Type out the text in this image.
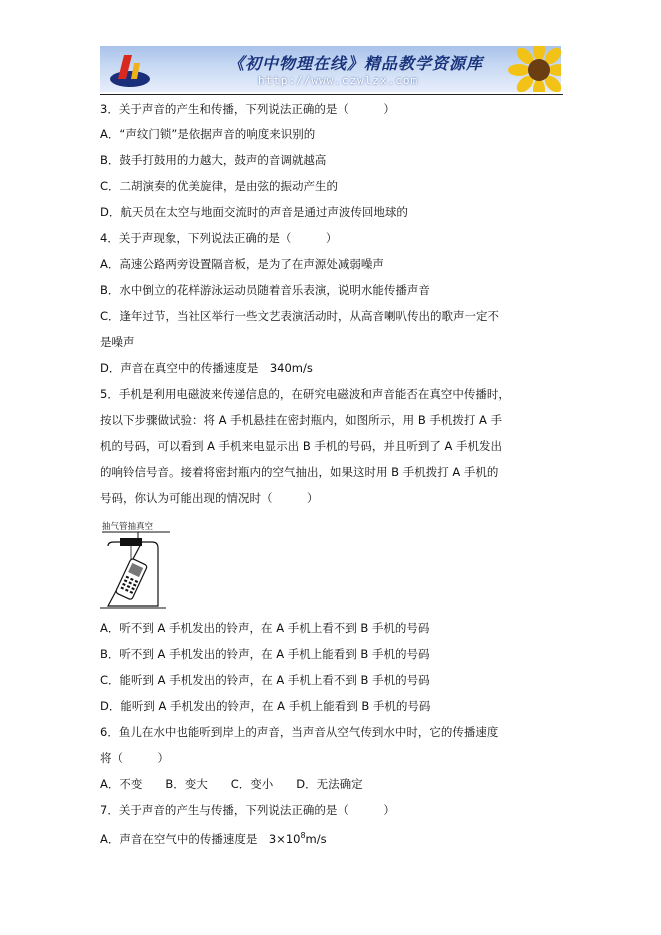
《初中物理在线》精品教学资源库
http://www.czwlzx.com
3．关于声音的产生和传播，下列说法正确的是（　　　）
A．“声纹门锁”是依据声音的响度来识别的
B．鼓手打鼓用的力越大，鼓声的音调就越高
C．二胡演奏的优美旋律，是由弦的振动产生的
D．航天员在太空与地面交流时的声音是通过声波传回地球的
4．关于声现象，下列说法正确的是（　　　）
A．高速公路两旁设置隔音板，是为了在声源处减弱噪声
B．水中倒立的花样游泳运动员随着音乐表演，说明水能传播声音
C．逢年过节，当社区举行一些文艺表演活动时，从高音喇叭传出的歌声一定不
是噪声
D．声音在真空中的传播速度是　340m/s
5．手机是利用电磁波来传递信息的，在研究电磁波和声音能否在真空中传播时，
按以下步骤做试验：将 A 手机悬挂在密封瓶内，如图所示，用 B 手机拨打 A 手
机的号码，可以看到 A 手机来电显示出 B 手机的号码，并且听到了 A 手机发出
的响铃信号音。接着将密封瓶内的空气抽出，如果这时用 B 手机拨打 A 手机的
号码，你认为可能出现的情况时（　　　）
抽气管抽真空
A．听不到 A 手机发出的铃声，在 A 手机上看不到 B 手机的号码
B．听不到 A 手机发出的铃声，在 A 手机上能看到 B 手机的号码
C．能听到 A 手机发出的铃声，在 A 手机上看不到 B 手机的号码
D．能听到 A 手机发出的铃声，在 A 手机上能看到 B 手机的号码
6．鱼儿在水中也能听到岸上的声音，当声音从空气传到水中时，它的传播速度
将（　　　）
A．不变　　B．变大　　C．变小　　D．无法确定
7．关于声音的产生与传播，下列说法正确的是（　　　）
A．声音在空气中的传播速度是　$3\times 10^8m/s$
